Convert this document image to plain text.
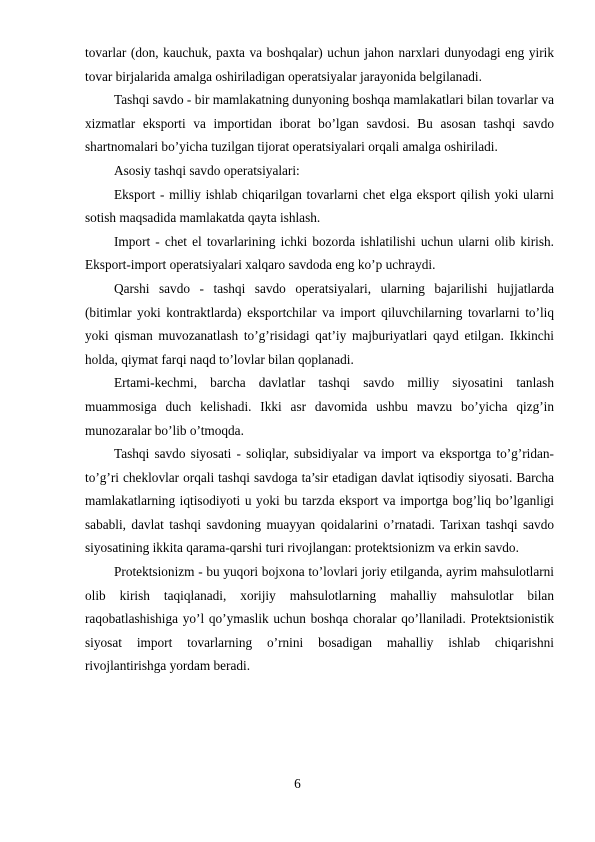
tovarlar (don, kauchuk, paxta va boshqalar) uchun jahon narxlari dunyodagi eng yirik tovar birjalarida amalga oshiriladigan operatsiyalar jarayonida belgilanadi.

Tashqi savdo - bir mamlakatning dunyoning boshqa mamlakatlari bilan tovarlar va xizmatlar eksporti va importidan iborat bo’lgan savdosi. Bu asosan tashqi savdo shartnomalari bo’yicha tuzilgan tijorat operatsiyalari orqali amalga oshiriladi.

Asosiy tashqi savdo operatsiyalari:

Eksport - milliy ishlab chiqarilgan tovarlarni chet elga eksport qilish yoki ularni sotish maqsadida mamlakatda qayta ishlash.

Import - chet el tovarlarining ichki bozorda ishlatilishi uchun ularni olib kirish. Eksport-import operatsiyalari xalqaro savdoda eng ko’p uchraydi.

Qarshi savdo - tashqi savdo operatsiyalari, ularning bajarilishi hujjatlarda (bitimlar yoki kontraktlarda) eksportchilar va import qiluvchilarning tovarlarni to’liq yoki qisman muvozanatlash to’g’risidagi qat’iy majburiyatlari qayd etilgan. Ikkinchi holda, qiymat farqi naqd to’lovlar bilan qoplanadi.

Ertami-kechmi, barcha davlatlar tashqi savdo milliy siyosatini tanlash muammosiga duch kelishadi. Ikki asr davomida ushbu mavzu bo’yicha qizg’in munozaralar bo’lib o’tmoqda.

Tashqi savdo siyosati - soliqlar, subsidiyalar va import va eksportga to’g’ridan-to’g’ri cheklovlar orqali tashqi savdoga ta’sir etadigan davlat iqtisodiy siyosati. Barcha mamlakatlarning iqtisodiyoti u yoki bu tarzda eksport va importga bog’liq bo’lganligi sababli, davlat tashqi savdoning muayyan qoidalarini o’rnatadi. Tarixan tashqi savdo siyosatining ikkita qarama-qarshi turi rivojlangan: protektsionizm va erkin savdo.

Protektsionizm - bu yuqori bojxona to’lovlari joriy etilganda, ayrim mahsulotlarni olib kirish taqiqlanadi, xorijiy mahsulotlarning mahalliy mahsulotlar bilan raqobatlashishiga yo’l qo’ymaslik uchun boshqa choralar qo’llaniladi. Protektsionistik siyosat import tovarlarning o’rnini bosadigan mahalliy ishlab chiqarishni rivojlantirishga yordam beradi.

6
